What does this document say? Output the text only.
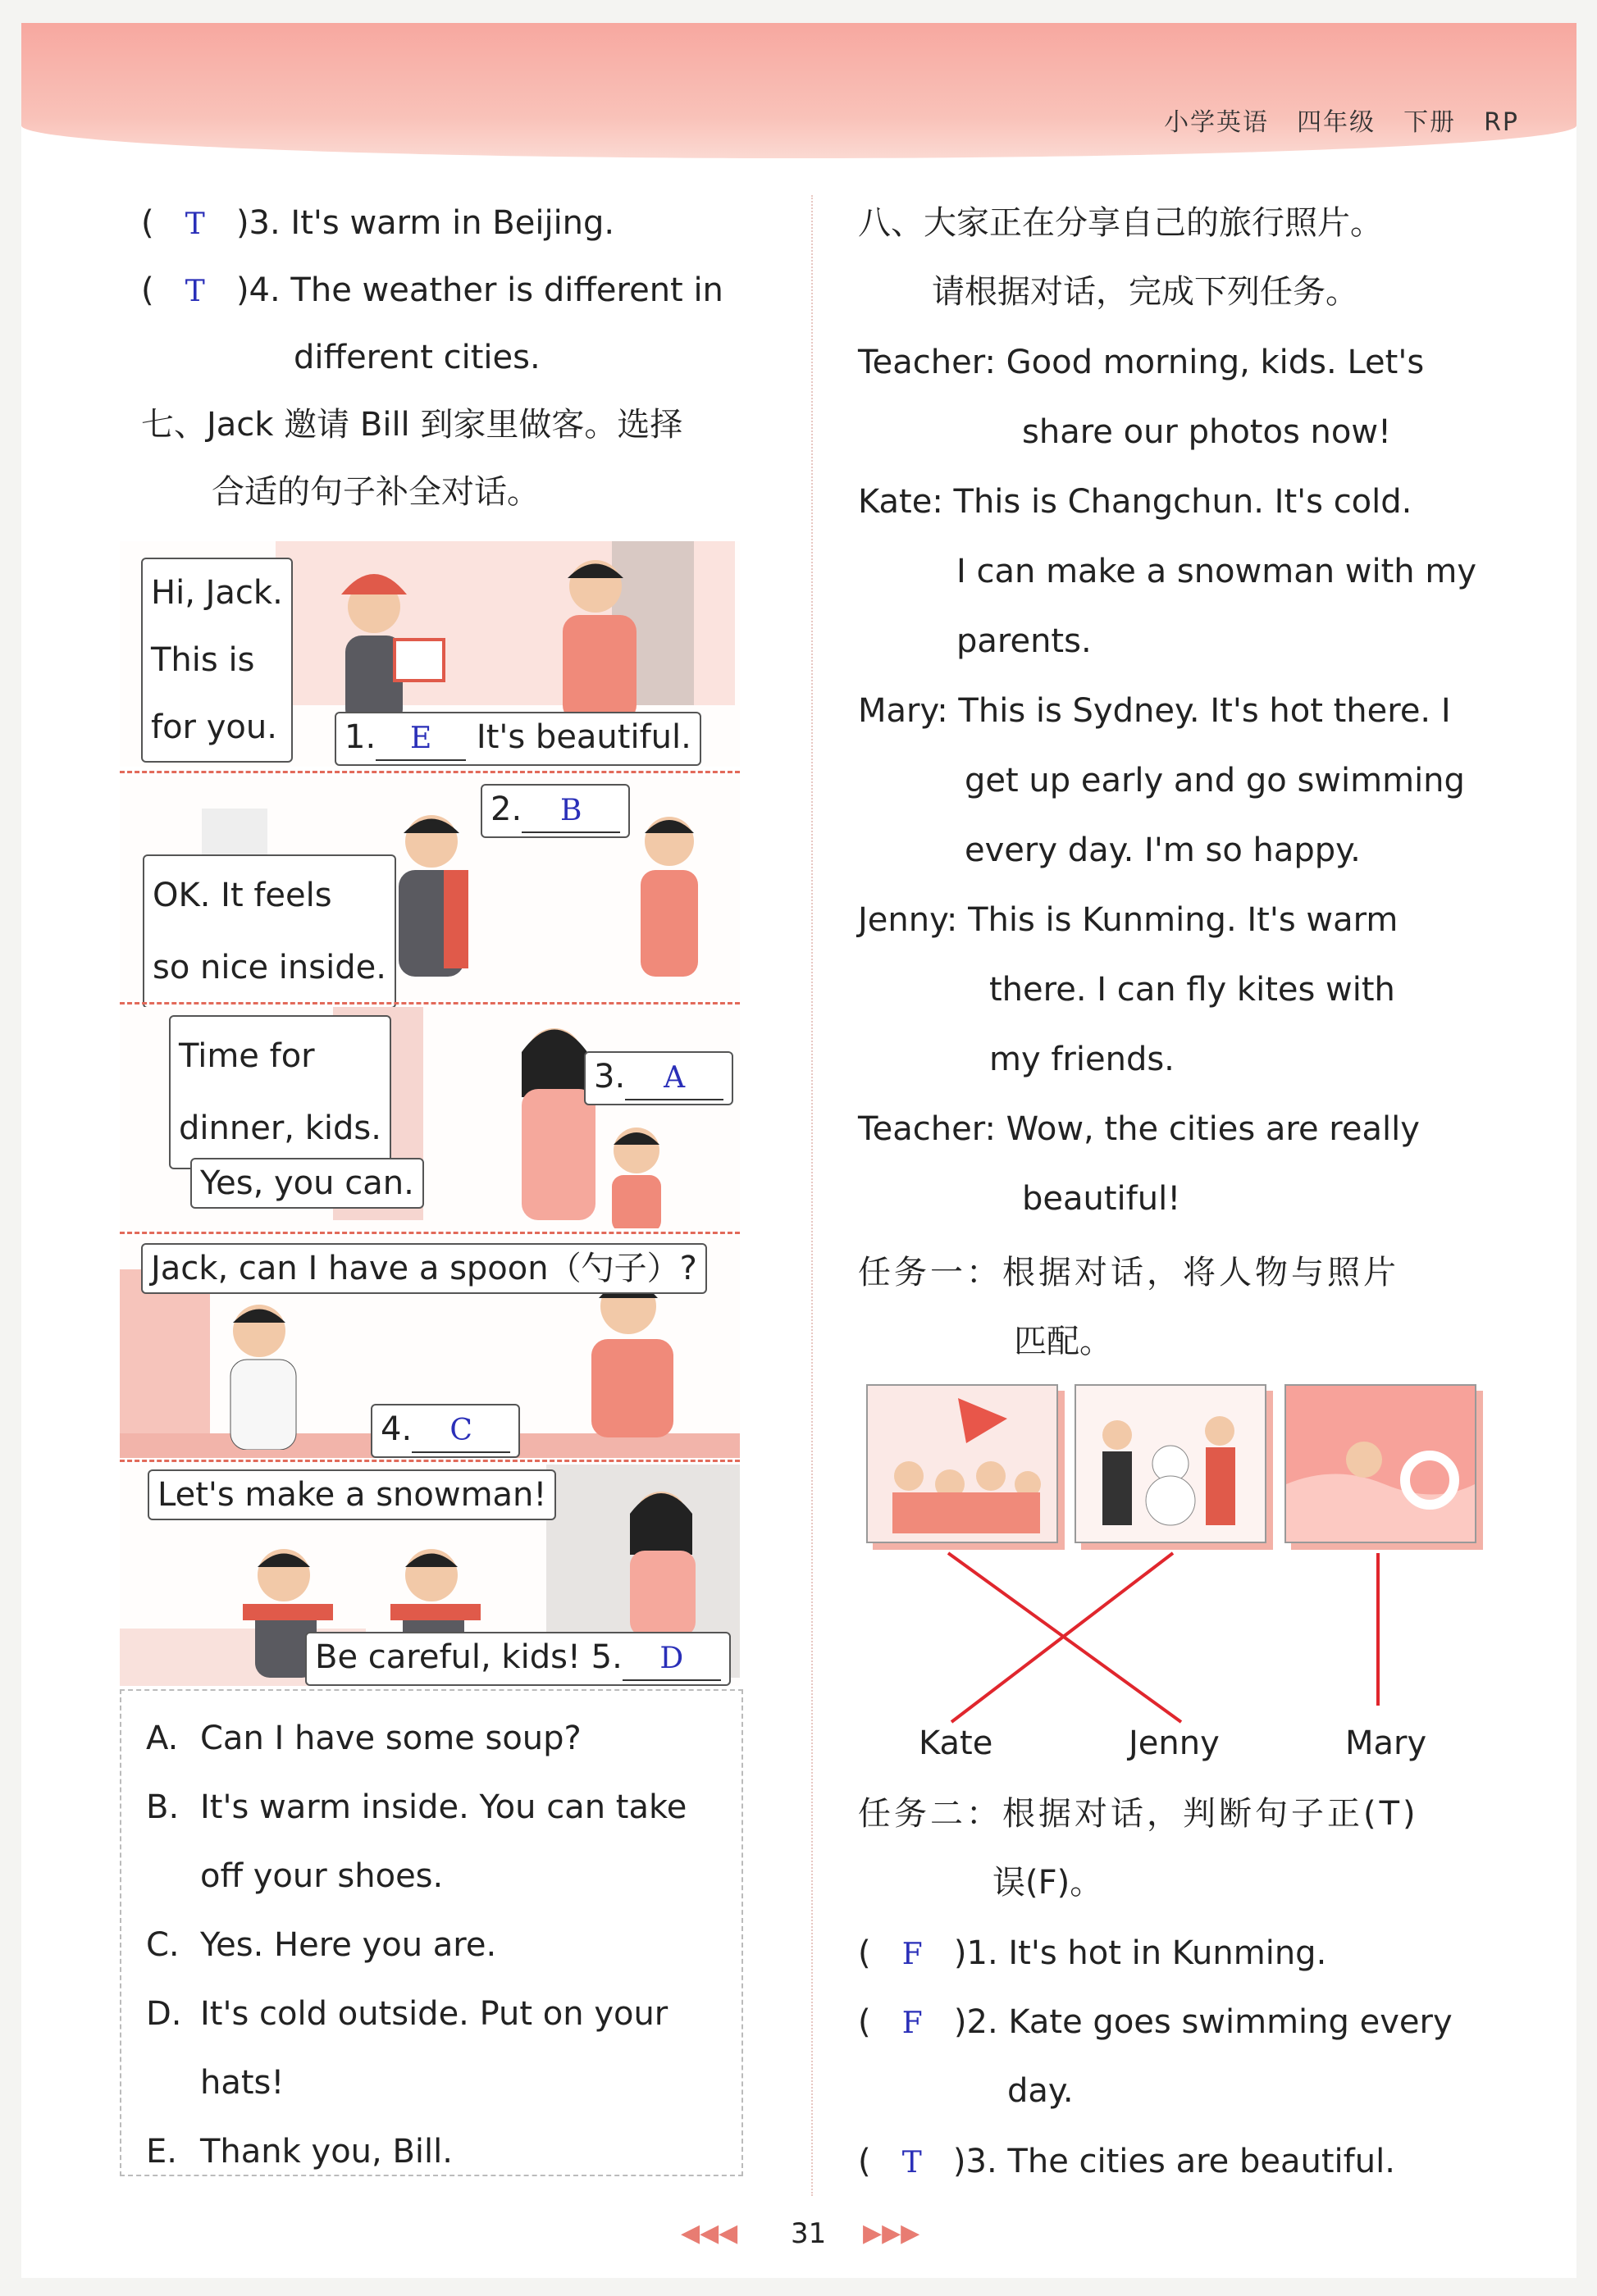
小学英语 四年级 下册 RP
( T )3. It's warm in Beijing.
( T )4. The weather is different in
different cities.
七、Jack 邀请 Bill 到家里做客。选择
合适的句子补全对话。
Hi, Jack.
This is
for you.	1. E It's beautiful.
2. B
OK. It feels
so nice inside.
Time for
dinner, kids.
3. A
Yes, you can.
Jack, can I have a spoon（勺子）?
4. C
Let's make a snowman!
Be careful, kids! 5. D
A. Can I have some soup?
B. It's warm inside. You can take
off your shoes.
C. Yes. Here you are.
D. It's cold outside. Put on your
hats!
E. Thank you, Bill.
八、大家正在分享自己的旅行照片。
请根据对话，完成下列任务。
Teacher: Good morning, kids. Let's
share our photos now!
Kate: This is Changchun. It's cold.
I can make a snowman with my
parents.
Mary: This is Sydney. It's hot there. I
get up early and go swimming
every day. I'm so happy.
Jenny: This is Kunming. It's warm
there. I can fly kites with
my friends.
Teacher: Wow, the cities are really
beautiful!
任务一：根据对话，将人物与照片
匹配。
Kate	Jenny	Mary
任务二：根据对话，判断句子正(T)
误(F)。
(   F )1. It's hot in Kunming.
(   F )2. Kate goes swimming every
day.
(   T )3. The cities are beautiful.
◀◀◀ 31 ▶▶▶
